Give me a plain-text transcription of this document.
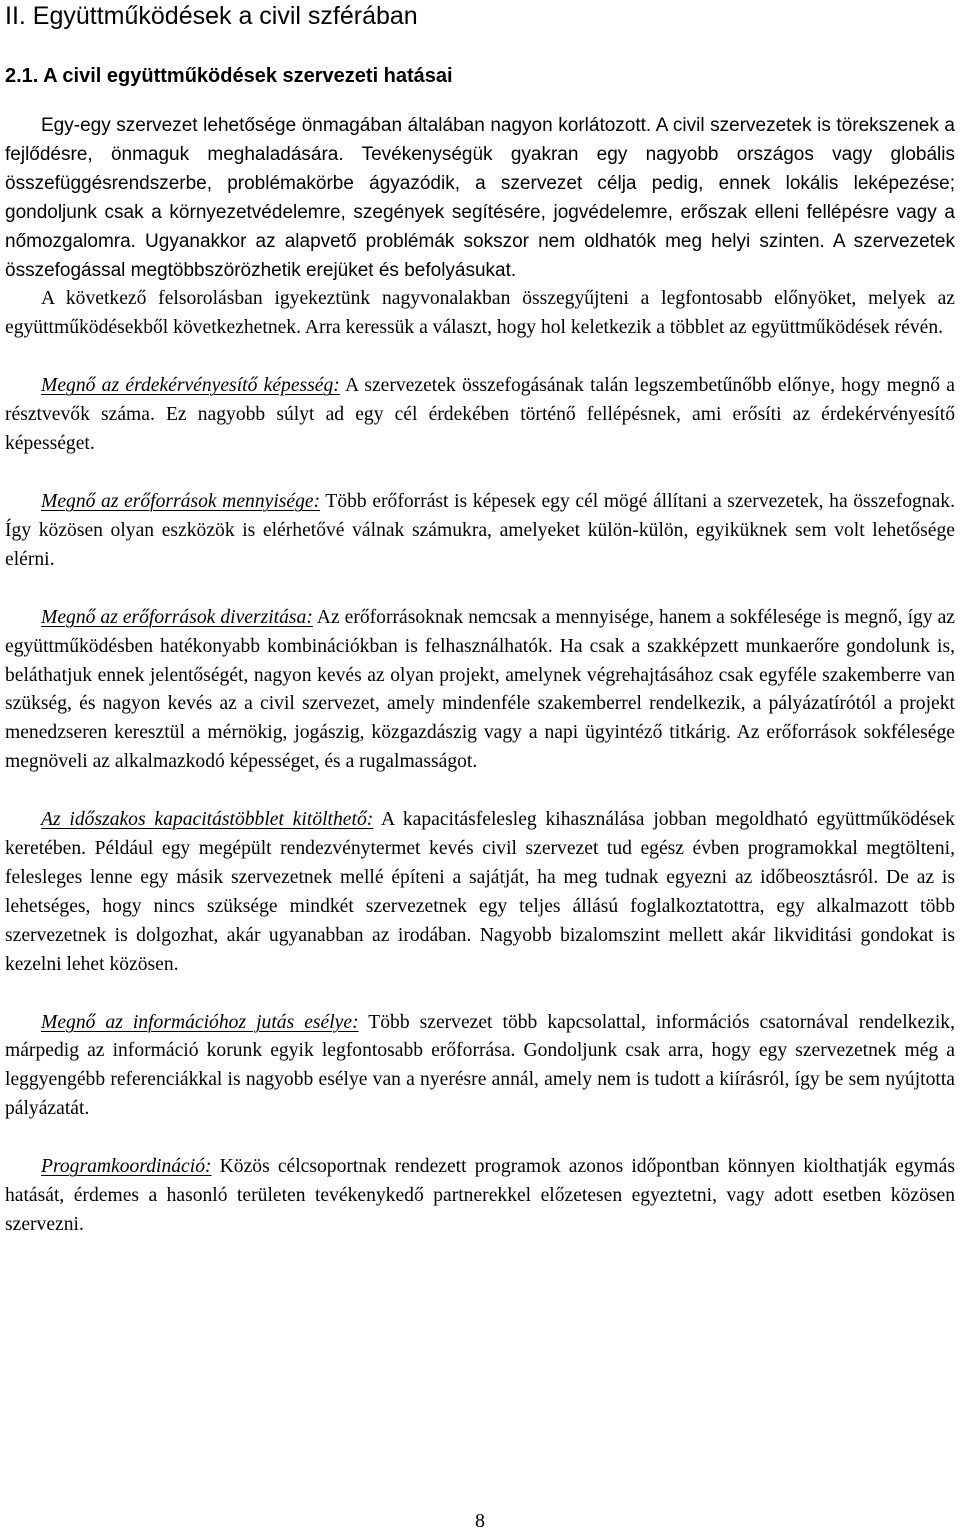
II. Együttműködések a civil szférában
2.1. A civil együttműködések szervezeti hatásai

Egy-egy szervezet lehetősége önmagában általában nagyon korlátozott. A civil szervezetek is törekszenek a fejlődésre, önmaguk meghaladására. Tevékenységük gyakran egy nagyobb országos vagy globális összefüggésrendszerbe, problémakörbe ágyazódik, a szervezet célja pedig, ennek lokális leképezése; gondoljunk csak a környezetvédelemre, szegények segítésére, jogvédelemre, erőszak elleni fellépésre vagy a nőmozgalomra. Ugyanakkor az alapvető problémák sokszor nem oldhatók meg helyi szinten. A szervezetek összefogással megtöbbszörözhetik erejüket és befolyásukat.

A következő felsorolásban igyekeztünk nagyvonalakban összegyűjteni a legfontosabb előnyöket, melyek az együttműködésekből következhetnek. Arra keressük a választ, hogy hol keletkezik a többlet az együttműködések révén.

Megnő az érdekérvényesítő képesség: A szervezetek összefogásának talán legszembetűnőbb előnye, hogy megnő a résztvevők száma. Ez nagyobb súlyt ad egy cél érdekében történő fellépésnek, ami erősíti az érdekérvényesítő képességet.

Megnő az erőforrások mennyisége: Több erőforrást is képesek egy cél mögé állítani a szervezetek, ha összefognak. Így közösen olyan eszközök is elérhetővé válnak számukra, amelyeket külön-külön, egyiküknek sem volt lehetősége elérni.

Megnő az erőforrások diverzitása: Az erőforrásoknak nemcsak a mennyisége, hanem a sokfélesége is megnő, így az együttműködésben hatékonyabb kombinációkban is felhasználhatók. Ha csak a szakképzett munkaerőre gondolunk is, beláthatjuk ennek jelentőségét, nagyon kevés az olyan projekt, amelynek végrehajtásához csak egyféle szakemberre van szükség, és nagyon kevés az a civil szervezet, amely mindenféle szakemberrel rendelkezik, a pályázatírótól a projekt menedzseren keresztül a mérnökig, jogászig, közgazdászig vagy a napi ügyintéző titkárig. Az erőforrások sokfélesége megnöveli az alkalmazkodó képességet, és a rugalmasságot.

Az időszakos kapacitástöbblet kitölthető: A kapacitásfelesleg kihasználása jobban megoldható együttműködések keretében. Például egy megépült rendezvénytermet kevés civil szervezet tud egész évben programokkal megtölteni, felesleges lenne egy másik szervezetnek mellé építeni a sajátját, ha meg tudnak egyezni az időbeosztásról. De az is lehetséges, hogy nincs szüksége mindkét szervezetnek egy teljes állású foglalkoztatottra, egy alkalmazott több szervezetnek is dolgozhat, akár ugyanabban az irodában. Nagyobb bizalomszint mellett akár likviditási gondokat is kezelni lehet közösen.

Megnő az információhoz jutás esélye: Több szervezet több kapcsolattal, információs csatornával rendelkezik, márpedig az információ korunk egyik legfontosabb erőforrása. Gondoljunk csak arra, hogy egy szervezetnek még a leggyengébb referenciákkal is nagyobb esélye van a nyerésre annál, amely nem is tudott a kiírásról, így be sem nyújtotta pályázatát.

Programkoordináció: Közös célcsoportnak rendezett programok azonos időpontban könnyen kiolthatják egymás hatását, érdemes a hasonló területen tevékenykedő partnerekkel előzetesen egyeztetni, vagy adott esetben közösen szervezni.

8
